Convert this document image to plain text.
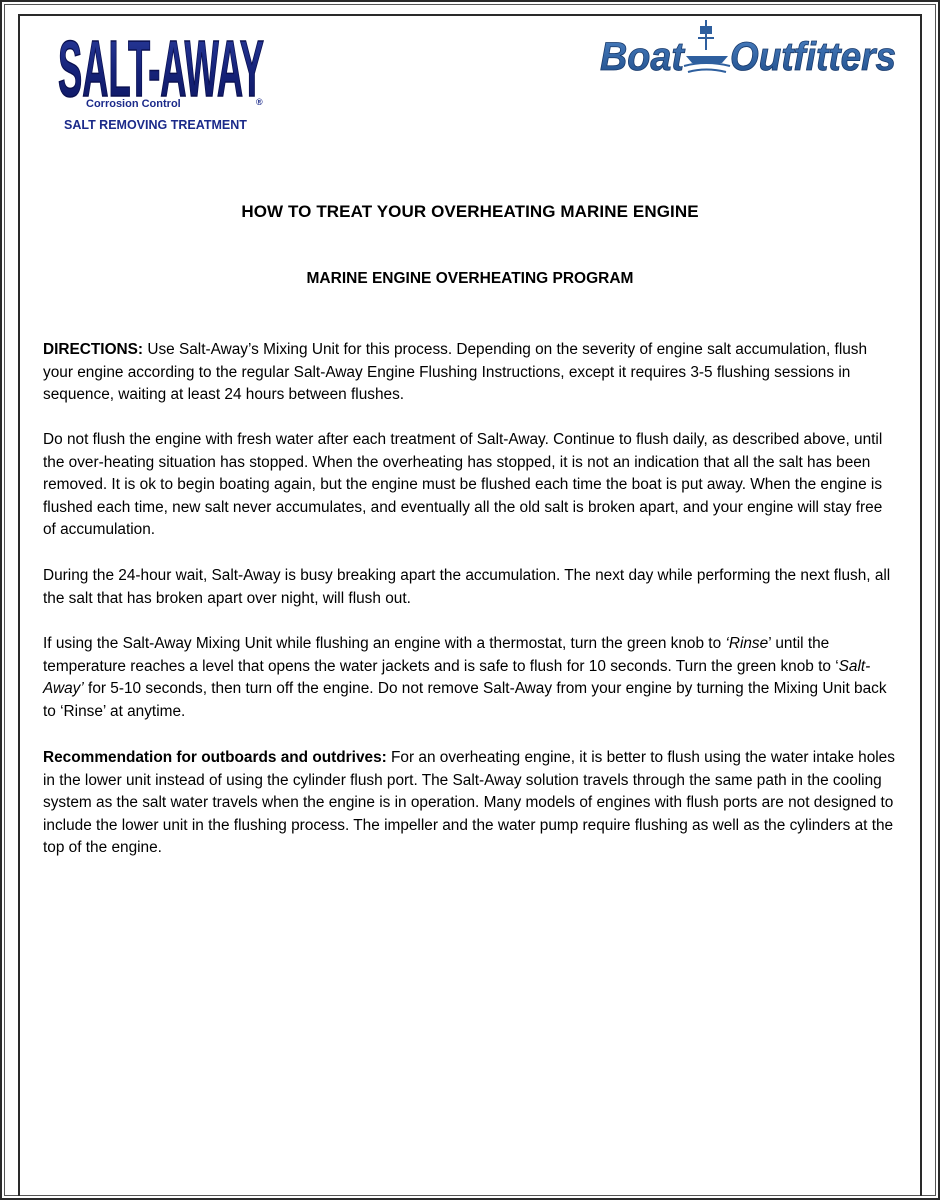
SALT-AWAY
Corrosion Control	®
SALT REMOVING TREATMENT
Boat Outfitters
HOW TO TREAT YOUR OVERHEATING MARINE ENGINE
MARINE ENGINE OVERHEATING PROGRAM

DIRECTIONS: Use Salt-Away’s Mixing Unit for this process. Depending on the severity of engine salt accumulation, flush your engine according to the regular Salt-Away Engine Flushing Instructions, except it requires 3-5 flushing sessions in sequence, waiting at least 24 hours between flushes.

Do not flush the engine with fresh water after each treatment of Salt-Away. Continue to flush daily, as described above, until the over-heating situation has stopped. When the overheating has stopped, it is not an indication that all the salt has been removed. It is ok to begin boating again, but the engine must be flushed each time the boat is put away. When the engine is flushed each time, new salt never accumulates, and eventually all the old salt is broken apart, and your engine will stay free of accumulation.

During the 24-hour wait, Salt-Away is busy breaking apart the accumulation. The next day while performing the next flush, all the salt that has broken apart over night, will flush out.

If using the Salt-Away Mixing Unit while flushing an engine with a thermostat, turn the green knob to ‘Rinse’ until the temperature reaches a level that opens the water jackets and is safe to flush for 10 seconds. Turn the green knob to ‘Salt-Away’ for 5-10 seconds, then turn off the engine. Do not remove Salt-Away from your engine by turning the Mixing Unit back to ‘Rinse’ at anytime.

Recommendation for outboards and outdrives: For an overheating engine, it is better to flush using the water intake holes in the lower unit instead of using the cylinder flush port. The Salt-Away solution travels through the same path in the cooling system as the salt water travels when the engine is in operation. Many models of engines with flush ports are not designed to include the lower unit in the flushing process. The impeller and the water pump require flushing as well as the cylinders at the top of the engine.
